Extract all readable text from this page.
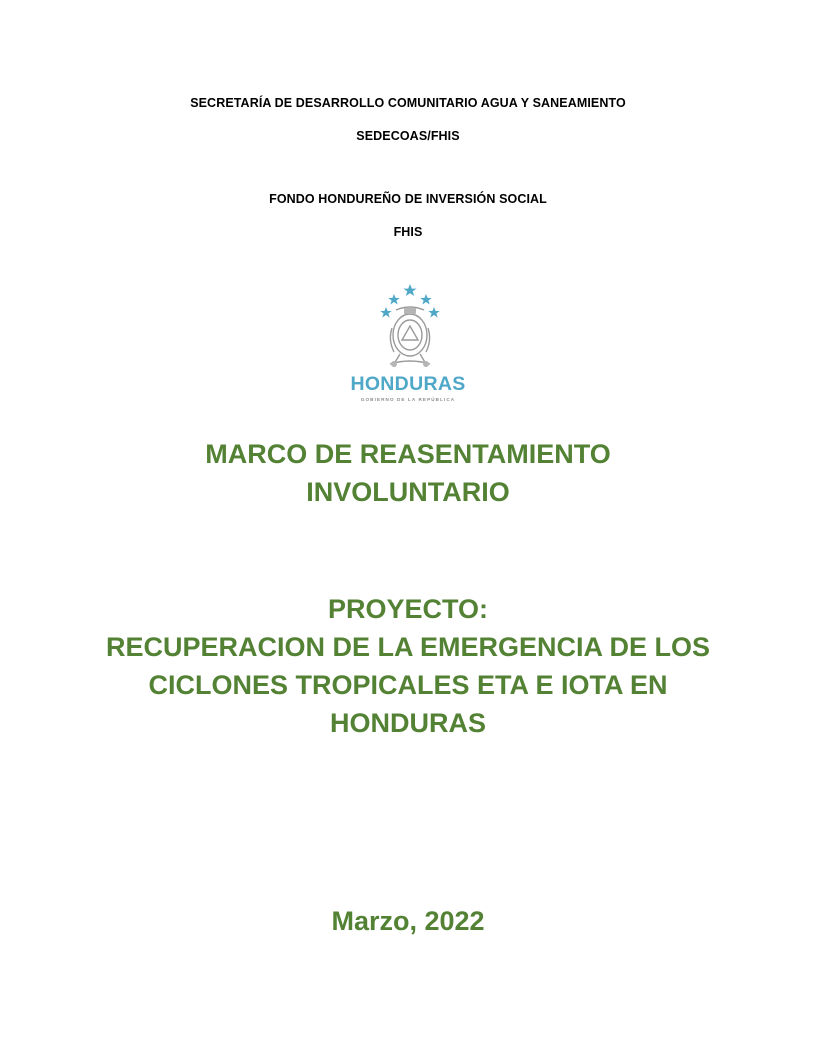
SECRETARÍA DE DESARROLLO COMUNITARIO AGUA Y SANEAMIENTO
SEDECOAS/FHIS
FONDO HONDUREÑO DE INVERSIÓN SOCIAL
FHIS
HONDURAS
GOBIERNO DE LA REPÚBLICA
MARCO DE REASENTAMIENTO
INVOLUNTARIO
PROYECTO:
RECUPERACION DE LA EMERGENCIA DE LOS
CICLONES TROPICALES ETA E IOTA EN
HONDURAS
Marzo, 2022
